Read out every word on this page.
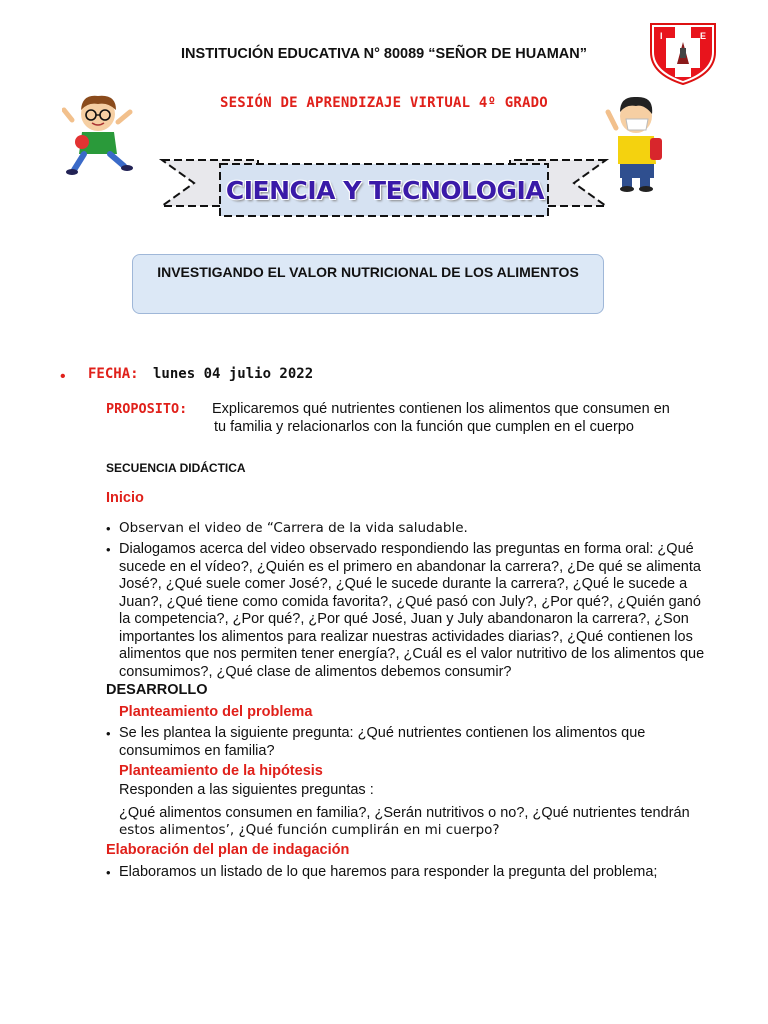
INSTITUCIÓN EDUCATIVA N° 80089 “SEÑOR DE HUAMAN”
SESIÓN DE APRENDIZAJE VIRTUAL 4º GRADO
I	E
CIENCIA Y TECNOLOGIA
INVESTIGANDO EL VALOR NUTRICIONAL DE LOS ALIMENTOS
• FECHA: lunes 04 julio 2022
PROPOSITO: Explicaremos qué nutrientes contienen los alimentos que consumen en
tu familia y relacionarlos con la función que cumplen en el cuerpo
SECUENCIA DIDÁCTICA
Inicio
• Observan el video de “Carrera de la vida saludable.
• Dialogamos acerca del video observado respondiendo las preguntas en forma oral: ¿Qué
sucede en el vídeo?, ¿Quién es el primero en abandonar la carrera?, ¿De qué se alimenta
José?, ¿Qué suele comer José?, ¿Qué le sucede durante la carrera?, ¿Qué le sucede a
Juan?, ¿Qué tiene como comida favorita?, ¿Qué pasó con July?, ¿Por qué?, ¿Quién ganó
la competencia?, ¿Por qué?, ¿Por qué José, Juan y July abandonaron la carrera?, ¿Son
importantes los alimentos para realizar nuestras actividades diarias?, ¿Qué contienen los
alimentos que nos permiten tener energía?, ¿Cuál es el valor nutritivo de los alimentos que
consumimos?, ¿Qué clase de alimentos debemos consumir?
DESARROLLO
Planteamiento del problema
• Se les plantea la siguiente pregunta: ¿Qué nutrientes contienen los alimentos que
consumimos en familia?
Planteamiento de la hipótesis
Responden a las siguientes preguntas :
¿Qué alimentos consumen en familia?, ¿Serán nutritivos o no?, ¿Qué nutrientes tendrán
estos alimentos’, ¿Qué función cumplirán en mi cuerpo?
Elaboración del plan de indagación
• Elaboramos un listado de lo que haremos para responder la pregunta del problema;
